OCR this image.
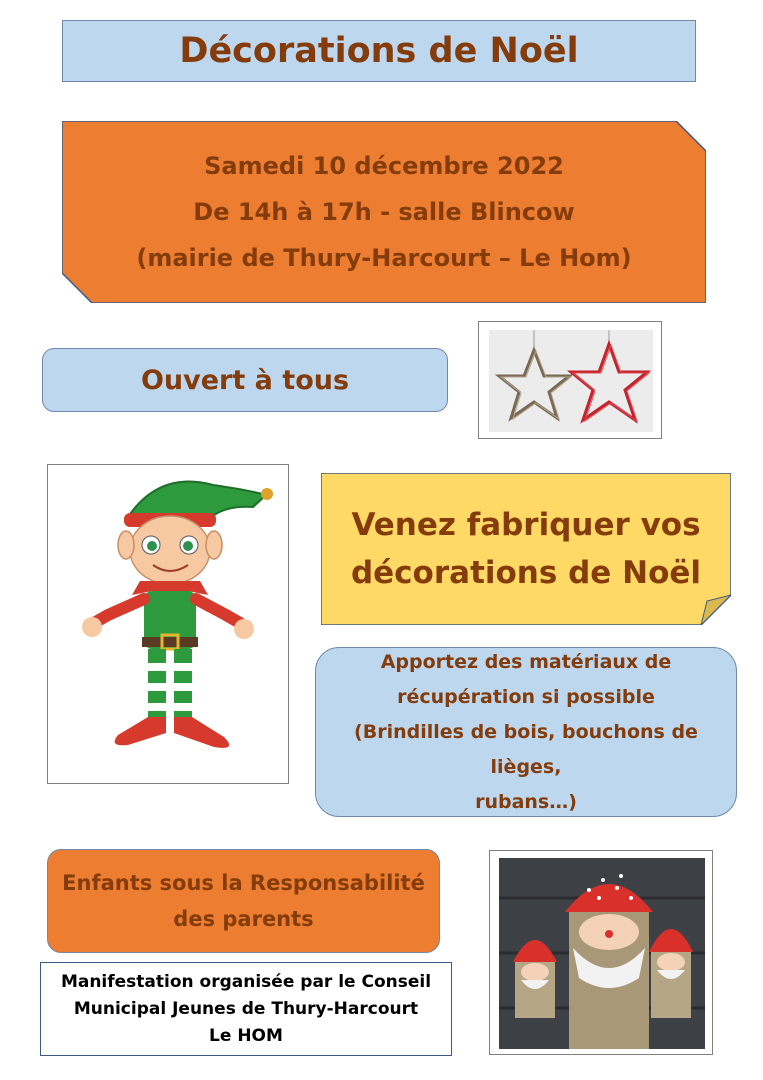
Décorations de Noël
Samedi 10 décembre 2022
De 14h à 17h - salle Blincow
(mairie de Thury-Harcourt – Le Hom)
Ouvert à tous
Venez fabriquer vos
décorations de Noël
Apportez des matériaux de
récupération si possible
(Brindilles de bois, bouchons de lièges,
rubans…)
Enfants sous la Responsabilité
des parents
Manifestation organisée par le Conseil
Municipal Jeunes de Thury-Harcourt
Le HOM
